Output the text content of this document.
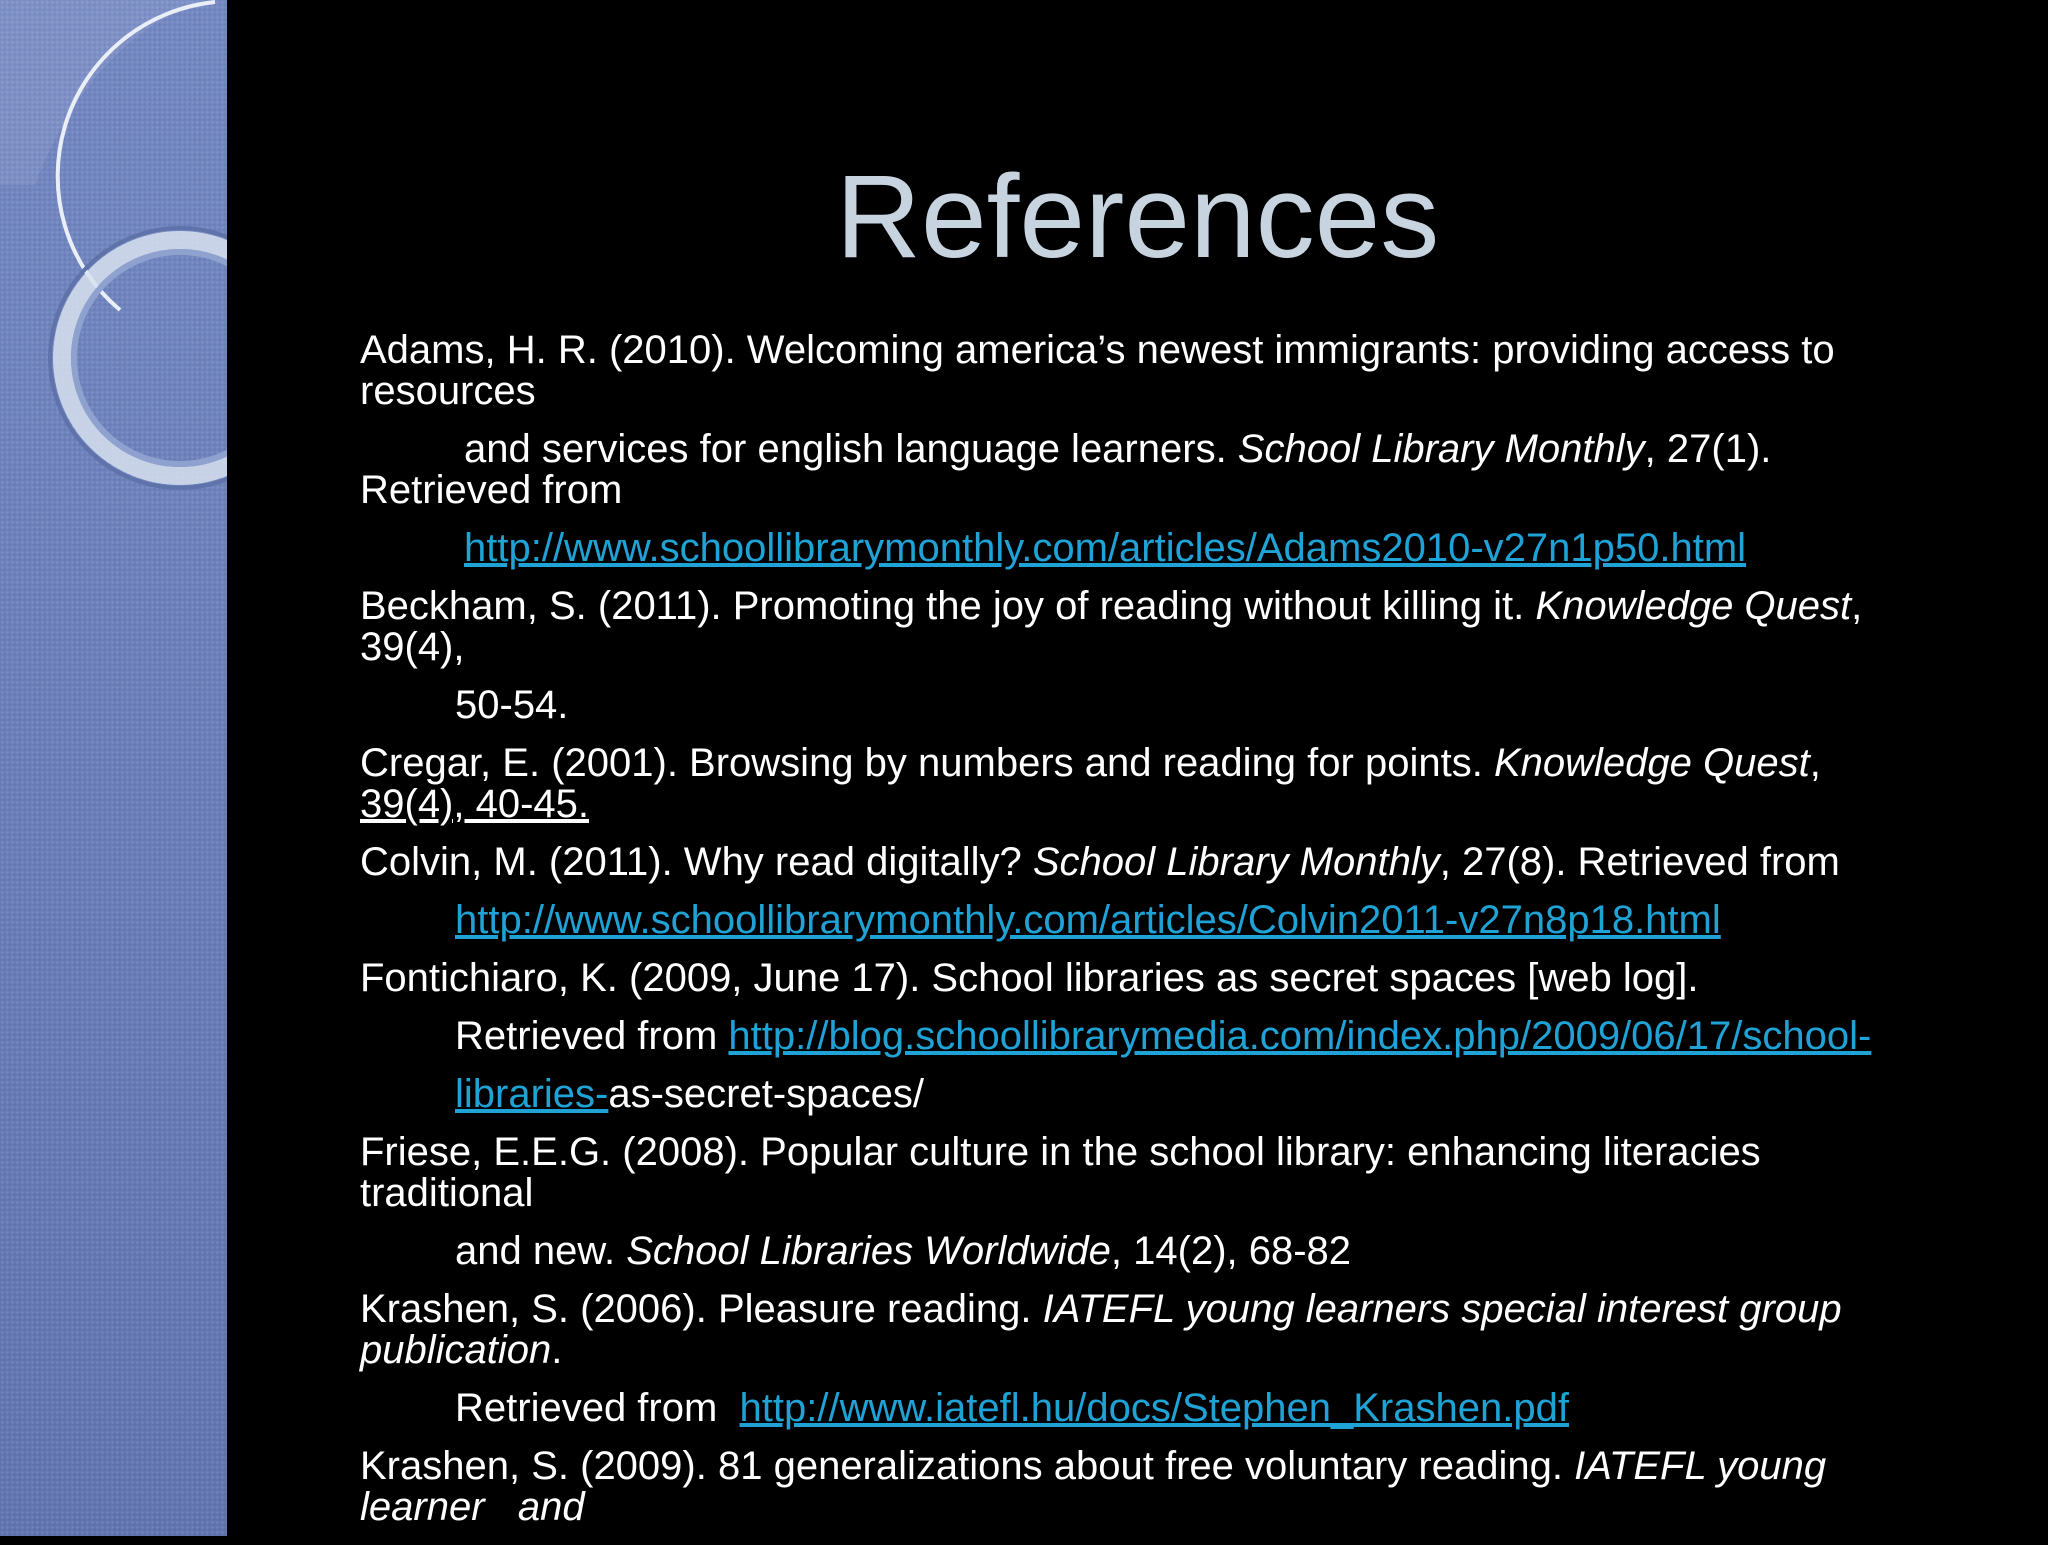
References

Adams, H. R. (2010). Welcoming america’s newest immigrants: providing access to
resources

and services for english language learners. School Library Monthly, 27(1).
Retrieved from

http://www.schoollibrarymonthly.com/articles/Adams2010-v27n1p50.html

Beckham, S. (2011). Promoting the joy of reading without killing it. Knowledge Quest,
39(4),

50-54.

Cregar, E. (2001). Browsing by numbers and reading for points. Knowledge Quest,
39(4), 40-45.

Colvin, M. (2011). Why read digitally? School Library Monthly, 27(8). Retrieved from

http://www.schoollibrarymonthly.com/articles/Colvin2011-v27n8p18.html

Fontichiaro, K. (2009, June 17). School libraries as secret spaces [web log].

Retrieved from http://blog.schoollibrarymedia.com/index.php/2009/06/17/school-

libraries-as-secret-spaces/

Friese, E.E.G. (2008). Popular culture in the school library: enhancing literacies
traditional

and new. School Libraries Worldwide, 14(2), 68-82

Krashen, S. (2006). Pleasure reading. IATEFL young learners special interest group
publication.

Retrieved from  http://www.iatefl.hu/docs/Stephen_Krashen.pdf

Krashen, S. (2009). 81 generalizations about free voluntary reading. IATEFL young
learner   and
